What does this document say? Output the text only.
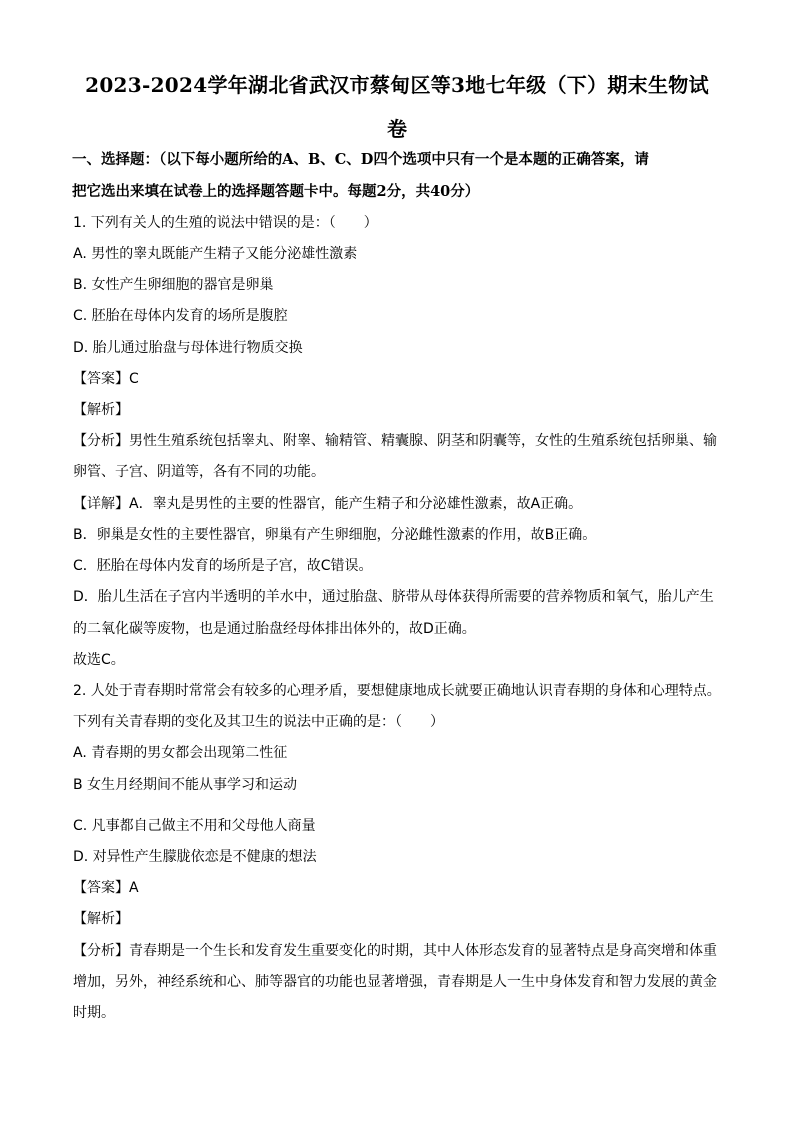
2023-2024学年湖北省武汉市蔡甸区等3地七年级（下）期末生物试
卷
一、选择题：（以下每小题所给的A、B、C、D四个选项中只有一个是本题的正确答案，请
把它选出来填在试卷上的选择题答题卡中。每题2分，共40分）
1. 下列有关人的生殖的说法中错误的是：（　　）
A. 男性的睾丸既能产生精子又能分泌雄性激素
B. 女性产生卵细胞的器官是卵巢
C. 胚胎在母体内发育的场所是腹腔
D. 胎儿通过胎盘与母体进行物质交换
【答案】C
【解析】
【分析】男性生殖系统包括睾丸、附睾、输精管、精囊腺、阴茎和阴囊等，女性的生殖系统包括卵巢、输
卵管、子宫、阴道等，各有不同的功能。
【详解】A．睾丸是男性的主要的性器官，能产生精子和分泌雄性激素，故A正确。
B．卵巢是女性的主要性器官，卵巢有产生卵细胞，分泌雌性激素的作用，故B正确。
C．胚胎在母体内发育的场所是子宫，故C错误。
D．胎儿生活在子宫内半透明的羊水中，通过胎盘、脐带从母体获得所需要的营养物质和氧气，胎儿产生
的二氧化碳等废物，也是通过胎盘经母体排出体外的，故D正确。
故选C。
2. 人处于青春期时常常会有较多的心理矛盾，要想健康地成长就要正确地认识青春期的身体和心理特点。
下列有关青春期的变化及其卫生的说法中正确的是：（　　）
A. 青春期的男女都会出现第二性征
B 女生月经期间不能从事学习和运动
C. 凡事都自己做主不用和父母他人商量
D. 对异性产生朦胧依恋是不健康的想法
【答案】A
【解析】
【分析】青春期是一个生长和发育发生重要变化的时期，其中人体形态发育的显著特点是身高突增和体重
增加，另外，神经系统和心、肺等器官的功能也显著增强，青春期是人一生中身体发育和智力发展的黄金
时期。
